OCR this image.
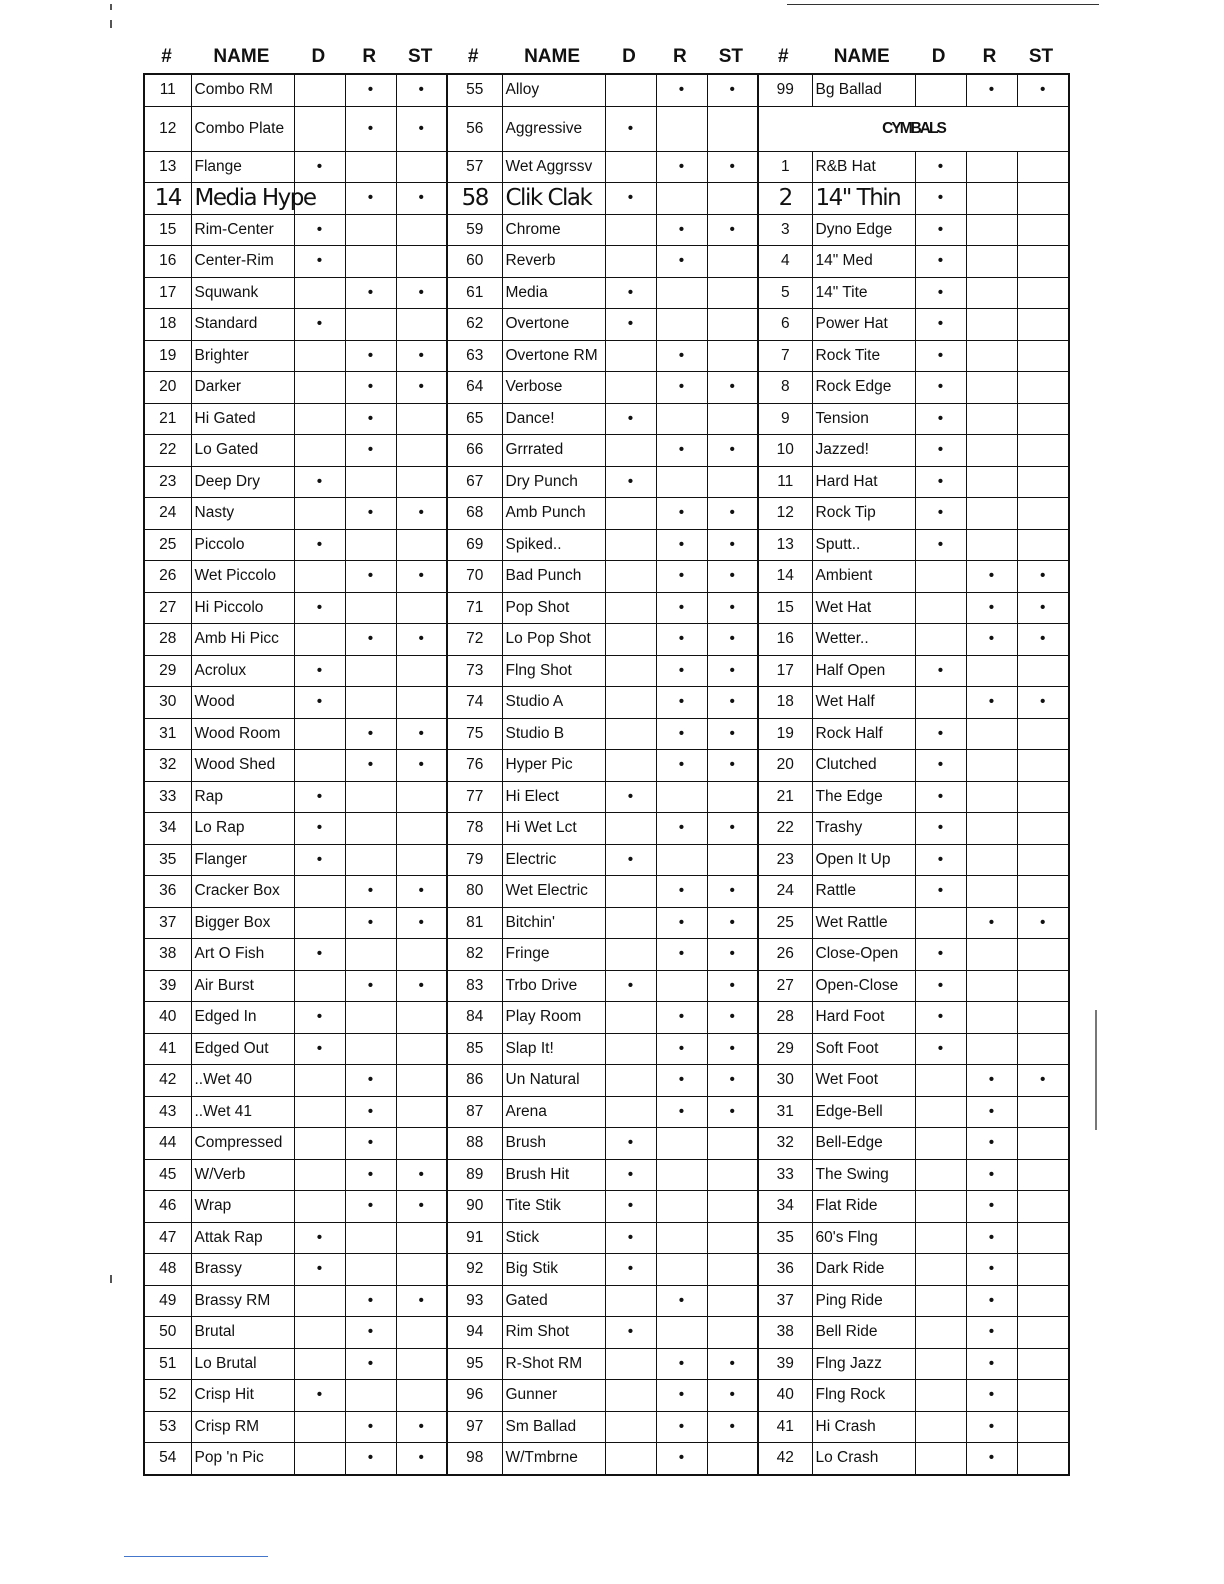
#	NAME	D	R	ST	#	NAME	D	R	ST	#	NAME	D	R	ST
11	Combo RM		•	•	55	Alloy		•	•	99	Bg Ballad		•	•
12	Combo Plate		•	•	56	Aggressive	•			CYMBALS				
13	Flange	•			57	Wet Aggrssv		•	•	1	R&B Hat	•		
14	Media Hype		•	•	58	Clik Clak	•			2	14" Thin	•		
15	Rim-Center	•			59	Chrome		•	•	3	Dyno Edge	•		
16	Center-Rim	•			60	Reverb		•		4	14" Med	•		
17	Squwank		•	•	61	Media	•			5	14" Tite	•		
18	Standard	•			62	Overtone	•			6	Power Hat	•		
19	Brighter		•	•	63	Overtone RM		•		7	Rock Tite	•		
20	Darker		•	•	64	Verbose		•	•	8	Rock Edge	•		
21	Hi Gated		•		65	Dance!	•			9	Tension	•		
22	Lo Gated		•		66	Grrrated		•	•	10	Jazzed!	•		
23	Deep Dry	•			67	Dry Punch	•			11	Hard Hat	•		
24	Nasty		•	•	68	Amb Punch		•	•	12	Rock Tip	•		
25	Piccolo	•			69	Spiked..		•	•	13	Sputt..	•		
26	Wet Piccolo		•	•	70	Bad Punch		•	•	14	Ambient		•	•
27	Hi Piccolo	•			71	Pop Shot		•	•	15	Wet Hat		•	•
28	Amb Hi Picc		•	•	72	Lo Pop Shot		•	•	16	Wetter..		•	•
29	Acrolux	•			73	Flng Shot		•	•	17	Half Open	•		
30	Wood	•			74	Studio A		•	•	18	Wet Half		•	•
31	Wood Room		•	•	75	Studio B		•	•	19	Rock Half	•		
32	Wood Shed		•	•	76	Hyper Pic		•	•	20	Clutched	•		
33	Rap	•			77	Hi Elect	•			21	The Edge	•		
34	Lo Rap	•			78	Hi Wet Lct		•	•	22	Trashy	•		
35	Flanger	•			79	Electric	•			23	Open It Up	•		
36	Cracker Box		•	•	80	Wet Electric		•	•	24	Rattle	•		
37	Bigger Box		•	•	81	Bitchin'		•	•	25	Wet Rattle		•	•
38	Art O Fish	•			82	Fringe		•	•	26	Close-Open	•		
39	Air Burst		•	•	83	Trbo Drive	•		•	27	Open-Close	•		
40	Edged In	•			84	Play Room		•	•	28	Hard Foot	•		
41	Edged Out	•			85	Slap It!		•	•	29	Soft Foot	•		
42	..Wet 40		•		86	Un Natural		•	•	30	Wet Foot		•	•
43	..Wet 41		•		87	Arena		•	•	31	Edge-Bell		•	
44	Compressed		•		88	Brush	•			32	Bell-Edge		•	
45	W/Verb		•	•	89	Brush Hit	•			33	The Swing		•	
46	Wrap		•	•	90	Tite Stik	•			34	Flat Ride		•	
47	Attak Rap	•			91	Stick	•			35	60's Flng		•	
48	Brassy	•			92	Big Stik	•			36	Dark Ride		•	
49	Brassy RM		•	•	93	Gated		•		37	Ping Ride		•	
50	Brutal		•		94	Rim Shot	•			38	Bell Ride		•	
51	Lo Brutal		•		95	R-Shot RM		•	•	39	Flng Jazz		•	
52	Crisp Hit	•			96	Gunner		•	•	40	Flng Rock		•	
53	Crisp RM		•	•	97	Sm Ballad		•	•	41	Hi Crash		•	
54	Pop 'n Pic		•	•	98	W/Tmbrne		•		42	Lo Crash		•	
